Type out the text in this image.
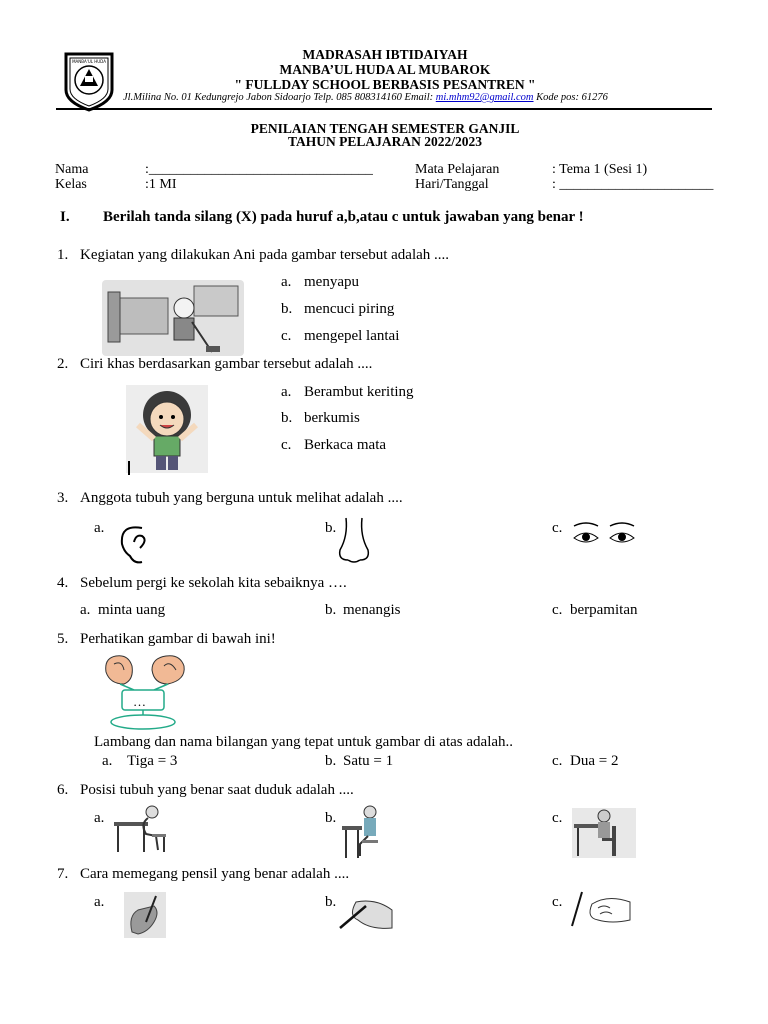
MANBA'UL HUDA	MADRASAH IBTIDAIYAH
MANBA’UL HUDA AL MUBAROK
" FULLDAY SCHOOL BERBASIS PESANTREN "
Jl.Milina No. 01 Kedungrejo Jabon Sidoarjo Telp. 085 808314160 Email: mi.mhm92@gmail.com Kode pos: 61276
PENILAIAN TENGAH SEMESTER GANJIL
TAHUN PELAJARAN 2022/2023
Nama	:________________________________
Kelas	:1 MI
Mata Pelajaran	: Tema 1 (Sesi 1)
Hari/Tanggal	: ______________________
I. Berilah tanda silang (X) pada huruf a,b,atau c untuk jawaban yang benar !
1. Kegiatan yang dilakukan Ani pada gambar tersebut adalah ....
a. menyapu
b. mencuci piring
c. mengepel lantai
2. Ciri khas berdasarkan gambar tersebut adalah ....
a. Berambut keriting
b. berkumis
c. Berkaca mata
3. Anggota tubuh yang berguna untuk melihat adalah ....
a.	b.	c.
4. Sebelum pergi ke sekolah kita sebaiknya ….
a. minta uang	b. menangis	c. berpamitan
5. Perhatikan gambar di bawah ini!
…
Lambang dan nama bilangan yang tepat untuk gambar di atas adalah..
a. Tiga = 3	b. Satu = 1	c. Dua = 2
6. Posisi tubuh yang benar saat duduk adalah ....
a.	b.	c.
7. Cara memegang pensil yang benar adalah ....
a.	b.	c.
